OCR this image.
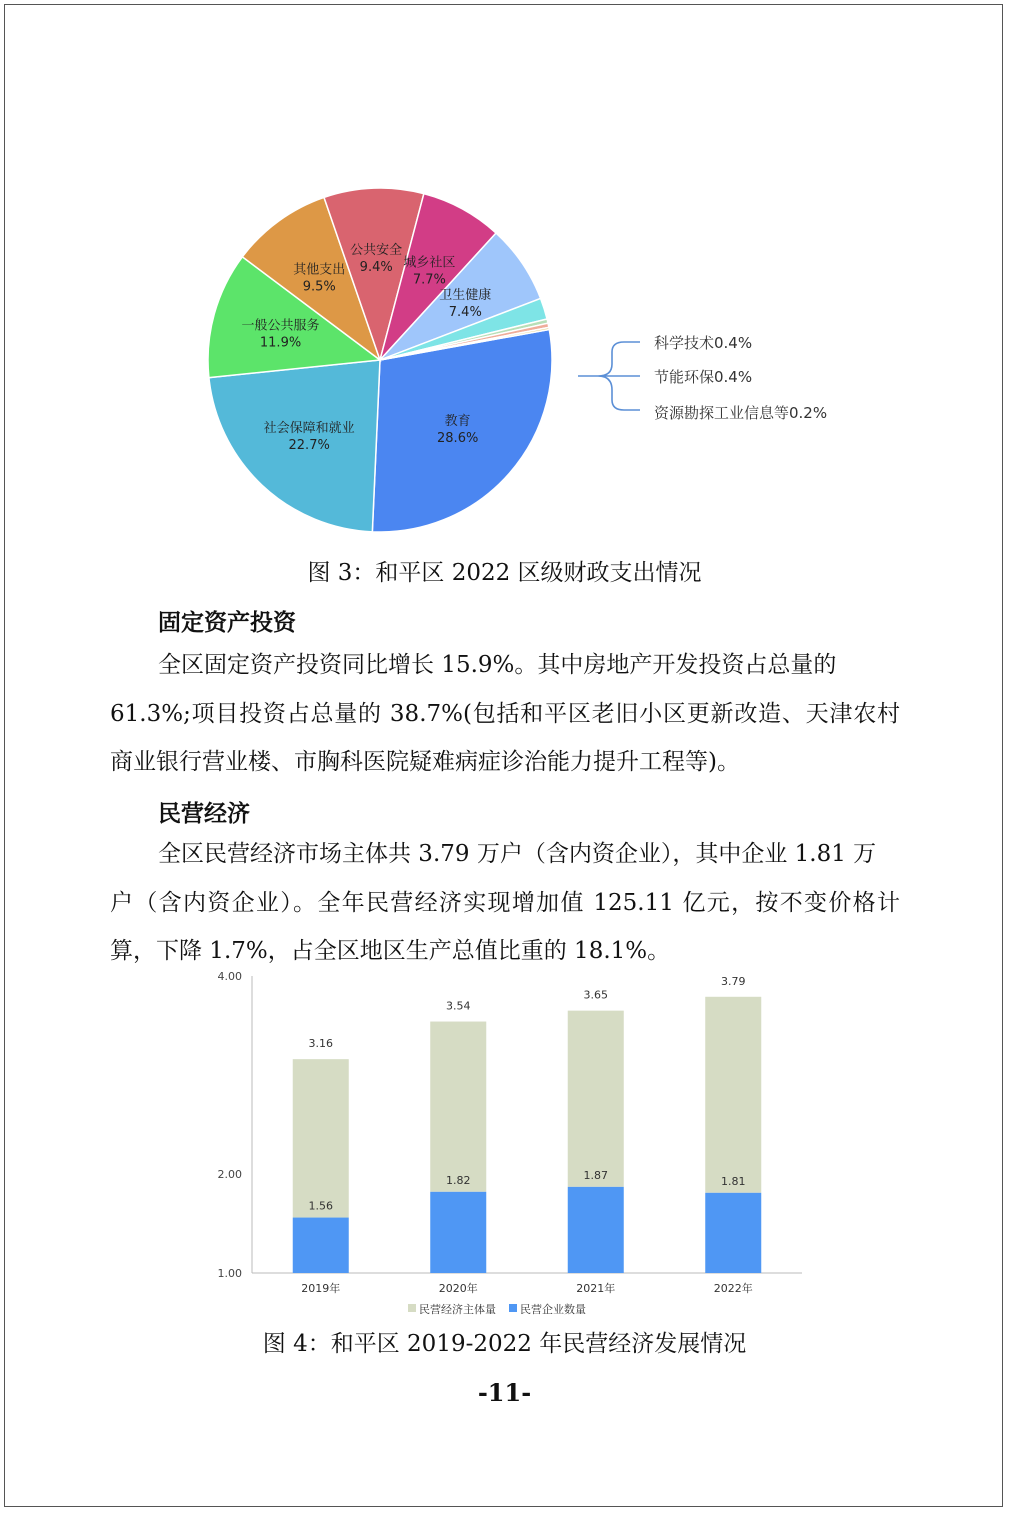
教育
28.6%
社会保障和就业
22.7%
一般公共服务
11.9%
其他支出
9.5%
公共安全
9.4% 城乡社区
7.7%
卫生健康
7.4%
科学技术0.4%
节能环保0.4%
资源勘探工业信息等0.2%
图 3：和平区 2022 区级财政支出情况
固定资产投资
全区固定资产投资同比增长 15.9%。其中房地产开发投资占总量的
61.3%;项目投资占总量的 38.7%(包括和平区老旧小区更新改造、天津农村
商业银行营业楼、市胸科医院疑难病症诊治能力提升工程等)。
民营经济
全区民营经济市场主体共 3.79 万户（含内资企业），其中企业 1.81 万
户（含内资企业）。全年民营经济实现增加值 125.11 亿元，按不变价格计
算，下降 1.7%，占全区地区生产总值比重的 18.1%。
4.00
2.00
1.00
3.16
1.56
2019年
3.54
1.82
2020年
3.65
1.87
2021年
3.79
1.81
2022年
民营经济主体量 民营企业数量
图 4：和平区 2019-2022 年民营经济发展情况
-11-
